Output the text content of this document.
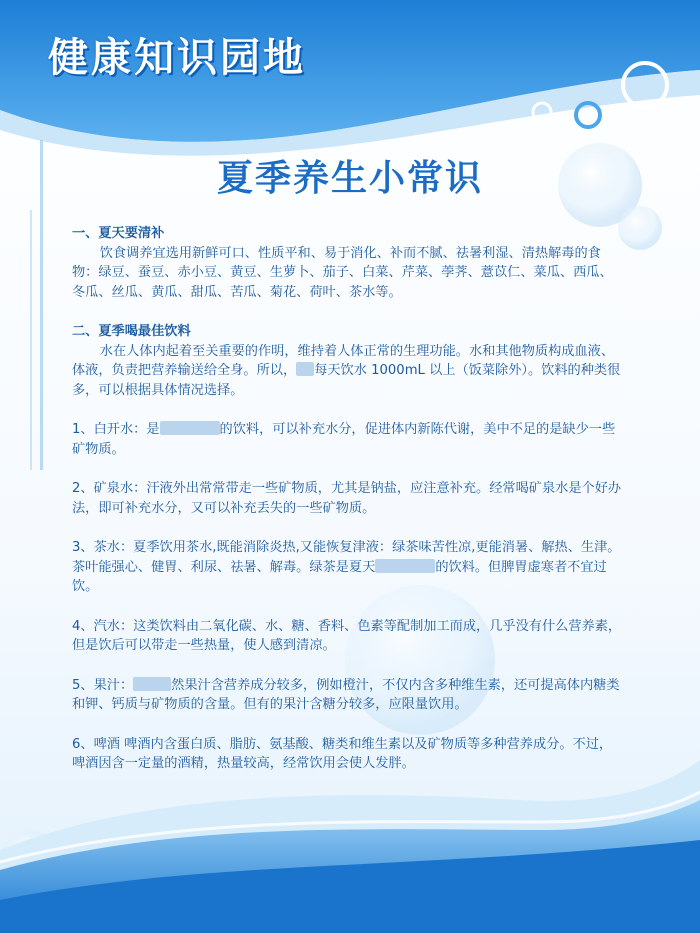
健康知识园地
夏季养生小常识
一、夏天要清补
饮食调养宜选用新鲜可口、性质平和、易于消化、补而不腻、祛暑利湿、清热解毒的食物：绿豆、蚕豆、赤小豆、黄豆、生萝卜、茄子、白菜、芹菜、荸荠、薏苡仁、菜瓜、西瓜、冬瓜、丝瓜、黄瓜、甜瓜、苦瓜、菊花、荷叶、茶水等。
二、夏季喝最佳饮料
水在人体内起着至关重要的作明，维持着人体正常的生理功能。水和其他物质构成血液、体液，负责把营养输送给全身。所以， 每天饮水 1000mL 以上（饭菜除外）。饮料的种类很多，可以根据具体情况选择。
1、白开水：是	的饮料，可以补充水分，促进体内新陈代谢，美中不足的是缺少一些矿物质。
2、矿泉水：汗液外出常常带走一些矿物质，尤其是钠盐，应注意补充。经常喝矿泉水是个好办法，即可补充水分，又可以补充丢失的一些矿物质。
3、茶水：夏季饮用茶水,既能消除炎热,又能恢复津液：绿茶味苦性凉,更能消暑、解热、生津。茶叶能强心、健胃、利尿、祛暑、解毒。绿茶是夏天	的饮料。但脾胃虚寒者不宜过饮。
4、汽水：这类饮料由二氧化碳、水、糖、香料、色素等配制加工而成，几乎没有什么营养素，但是饮后可以带走一些热量，使人感到清凉。
5、果汁：	然果汁含营养成分较多，例如橙汁，不仅内含多种维生素，还可提高体内糖类和钾、钙质与矿物质的含量。但有的果汁含糖分较多，应限量饮用。
6、啤酒 啤酒内含蛋白质、脂肪、氨基酸、糖类和维生素以及矿物质等多种营养成分。不过，啤酒因含一定量的酒精，热量较高，经常饮用会使人发胖。
